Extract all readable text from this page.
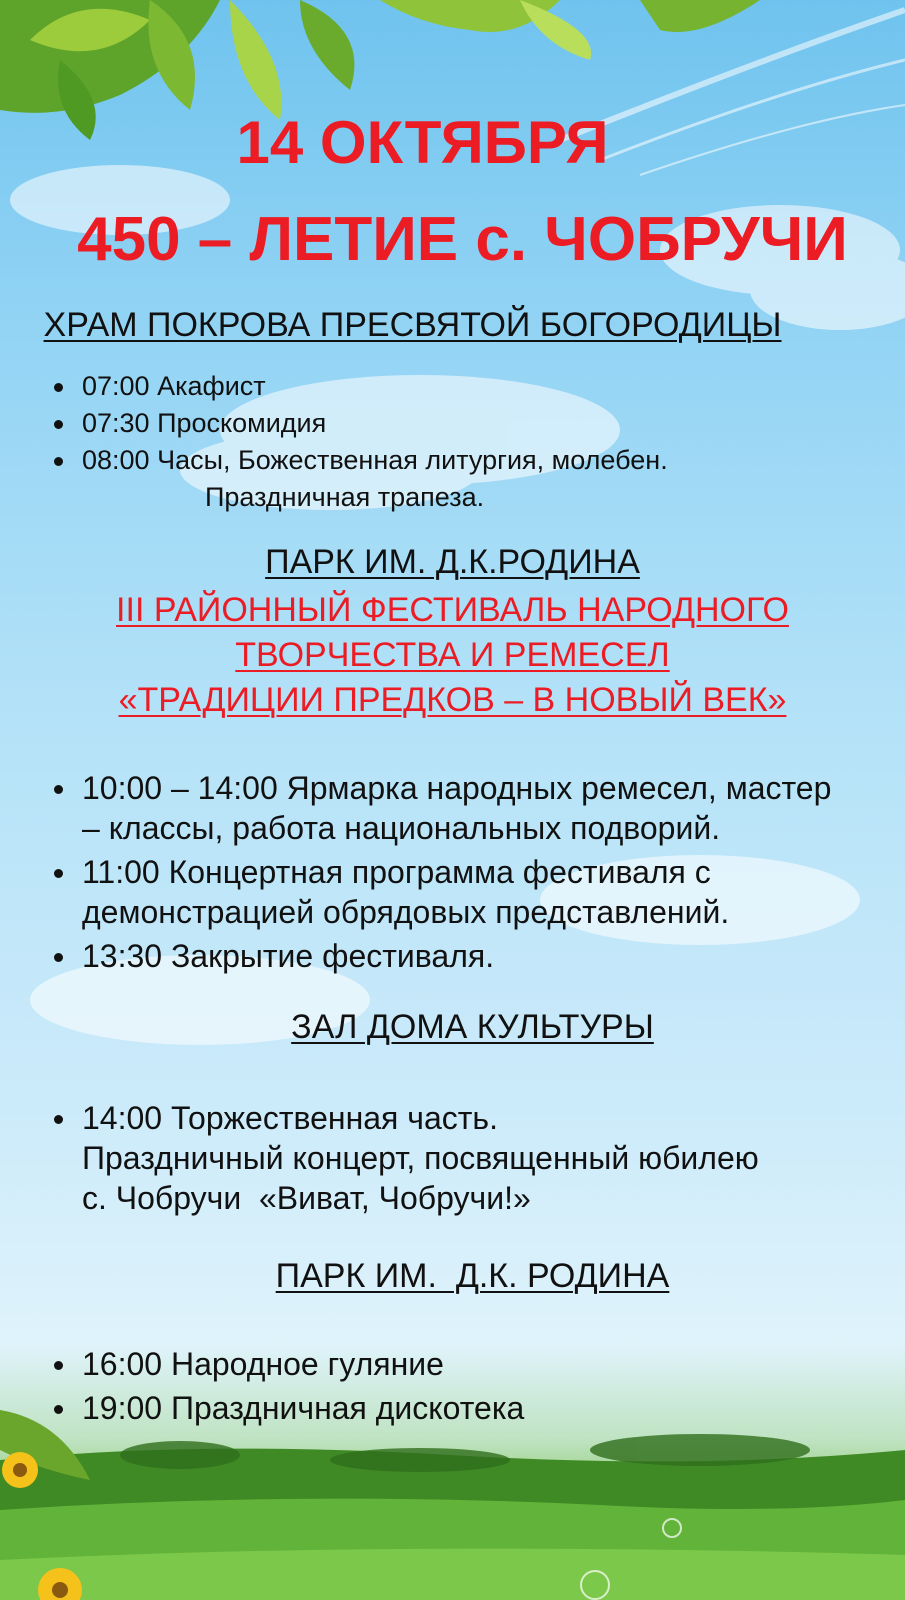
14 ОКТЯБРЯ
450 – ЛЕТИЕ с. ЧОБРУЧИ
ХРАМ ПОКРОВА ПРЕСВЯТОЙ БОГОРОДИЦЫ
07:00 Акафист
07:30 Проскомидия
08:00 Часы, Божественная литургия, молебен.
Праздничная трапеза.
ПАРК ИМ. Д.К.РОДИНА
III РАЙОННЫЙ ФЕСТИВАЛЬ НАРОДНОГО
ТВОРЧЕСТВА И РЕМЕСЕЛ
«ТРАДИЦИИ ПРЕДКОВ – В НОВЫЙ ВЕК»
10:00 – 14:00 Ярмарка народных ремесел, мастер
– классы, работа национальных подворий.
11:00 Концертная программа фестиваля с
демонстрацией обрядовых представлений.
13:30 Закрытие фестиваля.
ЗАЛ ДОМА КУЛЬТУРЫ
14:00 Торжественная часть.
Праздничный концерт, посвященный юбилею
с. Чобручи  «Виват, Чобручи!»
ПАРК ИМ.  Д.К. РОДИНА
16:00 Народное гуляние
19:00 Праздничная дискотека
